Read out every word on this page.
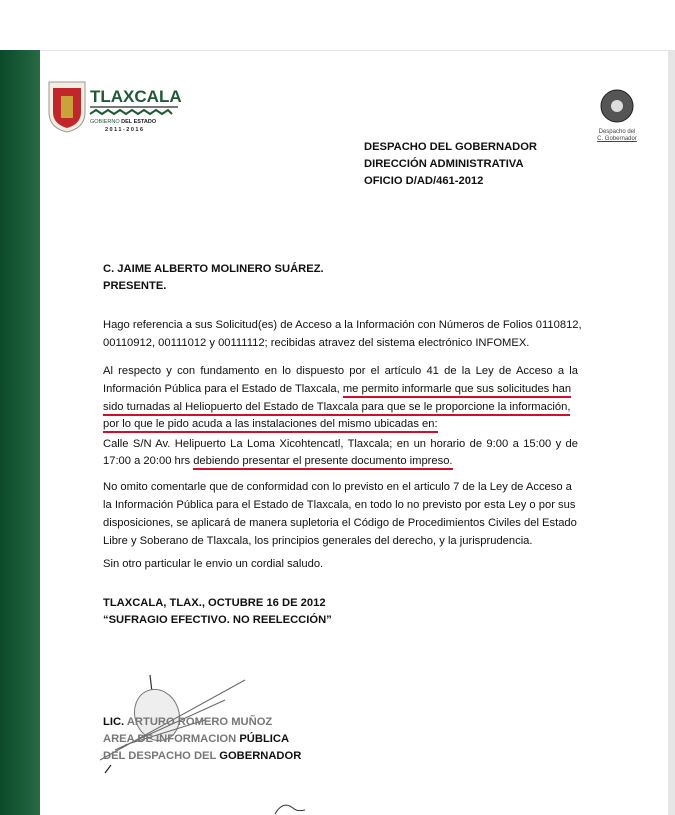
TLAXCALA
GOBIERNO DEL ESTADO
2011-2016	Despacho del
C. Gobernador
DESPACHO DEL GOBERNADOR
DIRECCIÓN ADMINISTRATIVA
OFICIO D/AD/461-2012
C. JAIME ALBERTO MOLINERO SUÁREZ.
PRESENTE.
Hago referencia a sus Solicitud(es) de Acceso a la Información con Números de Folios 0110812,
00110912, 00111012 y 00111112; recibidas atravez del sistema electrónico INFOMEX.
Al respecto y con fundamento en lo dispuesto por el artículo 41 de la Ley de Acceso a la
Información Pública para el Estado de Tlaxcala, me permito informarle que sus solicitudes han
sido turnadas al Heliopuerto del Estado de Tlaxcala para que se le proporcione la información,
por lo que le pido acuda a las instalaciones del mismo ubicadas en:
Calle S/N Av. Helipuerto La Loma Xicohtencatl, Tlaxcala; en un horario de 9:00 a 15:00 y de
17:00 a 20:00 hrs debiendo presentar el presente documento impreso.
No omito comentarle que de conformidad con lo previsto en el articulo 7 de la Ley de Acceso a
la Información Pública para el Estado de Tlaxcala, en todo lo no previsto por esta Ley o por sus
disposiciones, se aplicará de manera supletoria el Código de Procedimientos Civiles del Estado
Libre y Soberano de Tlaxcala, los principios generales del derecho, y la jurisprudencia.
Sin otro particular le envio un cordial saludo.
TLAXCALA, TLAX., OCTUBRE 16 DE 2012
“SUFRAGIO EFECTIVO. NO REELECCIÓN”
LIC. ARTURO ROMERO MUÑOZ
AREA DE INFORMACION PÚBLICA
DEL DESPACHO DEL GOBERNADOR
